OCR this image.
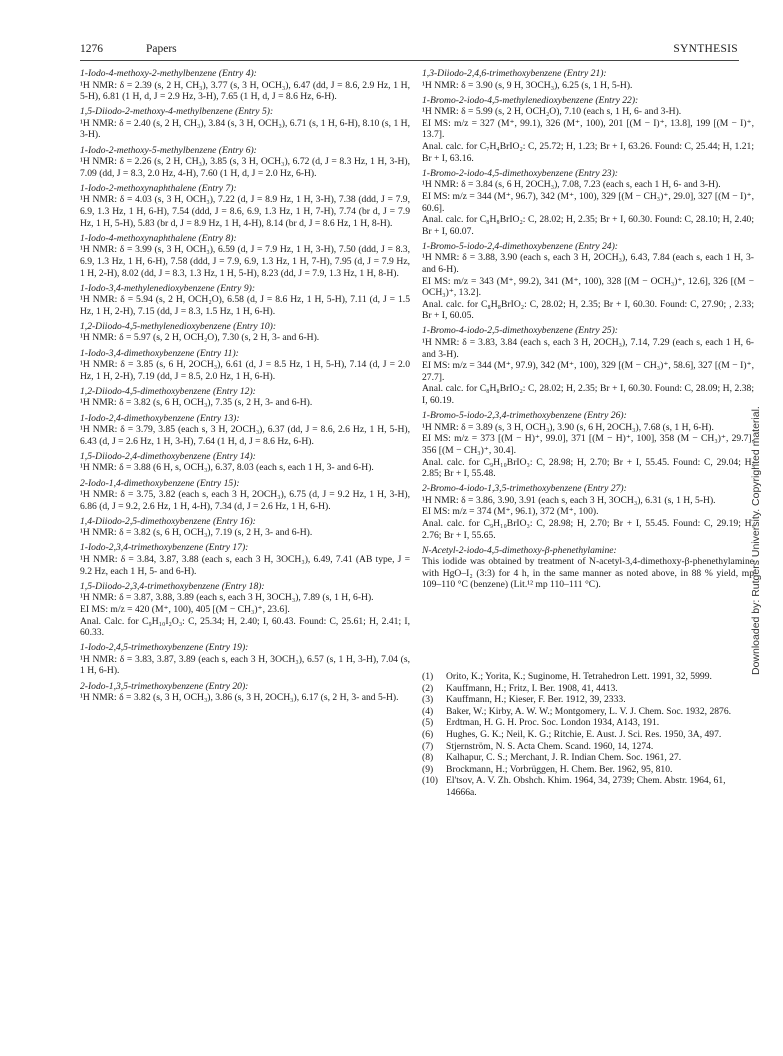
1276	Papers	SYNTHESIS
1-Iodo-4-methoxy-2-methylbenzene (Entry 4):
¹H NMR: δ = 2.39 (s, 2 H, CH₃), 3.77 (s, 3 H, OCH₃), 6.47 (dd, J = 8.6, 2.9 Hz, 1 H, 5-H), 6.81 (1 H, d, J = 2.9 Hz, 3-H), 7.65 (1 H, d, J = 8.6 Hz, 6-H).
1,5-Diiodo-2-methoxy-4-methylbenzene (Entry 5):
¹H NMR: δ = 2.40 (s, 2 H, CH₃), 3.84 (s, 3 H, OCH₃), 6.71 (s, 1 H, 6-H), 8.10 (s, 1 H, 3-H).
1-Iodo-2-methoxy-5-methylbenzene (Entry 6):
¹H NMR: δ = 2.26 (s, 2 H, CH₃), 3.85 (s, 3 H, OCH₃), 6.72 (d, J = 8.3 Hz, 1 H, 3-H), 7.09 (dd, J = 8.3, 2.0 Hz, 4-H), 7.60 (1 H, d, J = 2.0 Hz, 6-H).
1-Iodo-2-methoxynaphthalene (Entry 7):
¹H NMR: δ = 4.03 (s, 3 H, OCH₃), 7.22 (d, J = 8.9 Hz, 1 H, 3-H), 7.38 (ddd, J = 7.9, 6.9, 1.3 Hz, 1 H, 6-H), 7.54 (ddd, J = 8.6, 6.9, 1.3 Hz, 1 H, 7-H), 7.74 (br d, J = 7.9 Hz, 1 H, 5-H), 5.83 (br d, J = 8.9 Hz, 1 H, 4-H), 8.14 (br d, J = 8.6 Hz, 1 H, 8-H).
1-Iodo-4-methoxynaphthalene (Entry 8):
¹H NMR: δ = 3.99 (s, 3 H, OCH₃), 6.59 (d, J = 7.9 Hz, 1 H, 3-H), 7.50 (ddd, J = 8.3, 6.9, 1.3 Hz, 1 H, 6-H), 7.58 (ddd, J = 7.9, 6.9, 1.3 Hz, 1 H, 7-H), 7.95 (d, J = 7.9 Hz, 1 H, 2-H), 8.02 (dd, J = 8.3, 1.3 Hz, 1 H, 5-H), 8.23 (dd, J = 7.9, 1.3 Hz, 1 H, 8-H).
1-Iodo-3,4-methylenedioxybenzene (Entry 9):
¹H NMR: δ = 5.94 (s, 2 H, OCH₂O), 6.58 (d, J = 8.6 Hz, 1 H, 5-H), 7.11 (d, J = 1.5 Hz, 1 H, 2-H), 7.15 (dd, J = 8.3, 1.5 Hz, 1 H, 6-H).
1,2-Diiodo-4,5-methylenedioxybenzene (Entry 10):
¹H NMR: δ = 5.97 (s, 2 H, OCH₂O), 7.30 (s, 2 H, 3- and 6-H).
1-Iodo-3,4-dimethoxybenzene (Entry 11):
¹H NMR: δ = 3.85 (s, 6 H, 2OCH₃), 6.61 (d, J = 8.5 Hz, 1 H, 5-H), 7.14 (d, J = 2.0 Hz, 1 H, 2-H), 7.19 (dd, J = 8.5, 2.0 Hz, 1 H, 6-H).
1,2-Diiodo-4,5-dimethoxybenzene (Entry 12):
¹H NMR: δ = 3.82 (s, 6 H, OCH₃), 7.35 (s, 2 H, 3- and 6-H).
1-Iodo-2,4-dimethoxybenzene (Entry 13):
¹H NMR: δ = 3.79, 3.85 (each s, 3 H, 2OCH₃), 6.37 (dd, J = 8.6, 2.6 Hz, 1 H, 5-H), 6.43 (d, J = 2.6 Hz, 1 H, 3-H), 7.64 (1 H, d, J = 8.6 Hz, 6-H).
1,5-Diiodo-2,4-dimethoxybenzene (Entry 14):
¹H NMR: δ = 3.88 (6 H, s, OCH₃), 6.37, 8.03 (each s, each 1 H, 3- and 6-H).
2-Iodo-1,4-dimethoxybenzene (Entry 15):
¹H NMR: δ = 3.75, 3.82 (each s, each 3 H, 2OCH₃), 6.75 (d, J = 9.2 Hz, 1 H, 3-H), 6.86 (d, J = 9.2, 2.6 Hz, 1 H, 4-H), 7.34 (d, J = 2.6 Hz, 1 H, 6-H).
1,4-Diiodo-2,5-dimethoxybenzene (Entry 16):
¹H NMR: δ = 3.82 (s, 6 H, OCH₃), 7.19 (s, 2 H, 3- and 6-H).
1-Iodo-2,3,4-trimethoxybenzene (Entry 17):
¹H NMR: δ = 3.84, 3.87, 3.88 (each s, each 3 H, 3OCH₃), 6.49, 7.41 (AB type, J = 9.2 Hz, each 1 H, 5- and 6-H).
1,5-Diiodo-2,3,4-trimethoxybenzene (Entry 18):
¹H NMR: δ = 3.87, 3.88, 3.89 (each s, each 3 H, 3OCH₃), 7.89 (s, 1 H, 6-H).
EI MS: m/z = 420 (M⁺, 100), 405 [(M − CH₃)⁺, 23.6].
Anal. Calc. for C₉H₁₀I₂O₃: C, 25.34; H, 2.40; I, 60.43. Found: C, 25.61; H, 2.41; I, 60.33.
1-Iodo-2,4,5-trimethoxybenzene (Entry 19):
¹H NMR: δ = 3.83, 3.87, 3.89 (each s, each 3 H, 3OCH₃), 6.57 (s, 1 H, 3-H), 7.04 (s, 1 H, 6-H).
2-Iodo-1,3,5-trimethoxybenzene (Entry 20):
¹H NMR: δ = 3.82 (s, 3 H, OCH₃), 3.86 (s, 3 H, 2OCH₃), 6.17 (s, 2 H, 3- and 5-H).
1,3-Diiodo-2,4,6-trimethoxybenzene (Entry 21):
¹H NMR: δ = 3.90 (s, 9 H, 3OCH₃), 6.25 (s, 1 H, 5-H).
1-Bromo-2-iodo-4,5-methylenedioxybenzene (Entry 22):
¹H NMR: δ = 5.99 (s, 2 H, OCH₂O), 7.10 (each s, 1 H, 6- and 3-H).
EI MS: m/z = 327 (M⁺, 99.1), 326 (M⁺, 100), 201 [(M − I)⁺, 13.8], 199 [(M − I)⁺, 13.7].
Anal. calc. for C₇H₄BrIO₂: C, 25.72; H, 1.23; Br + I, 63.26. Found: C, 25.44; H, 1.21; Br + I, 63.16.
1-Bromo-2-iodo-4,5-dimethoxybenzene (Entry 23):
¹H NMR: δ = 3.84 (s, 6 H, 2OCH₃), 7.08, 7.23 (each s, each 1 H, 6- and 3-H).
EI MS: m/z = 344 (M⁺, 96.7), 342 (M⁺, 100), 329 [(M − CH₃)⁺, 29.0], 327 [(M − I)⁺, 60.6].
Anal. calc. for C₈H₈BrIO₂: C, 28.02; H, 2.35; Br + I, 60.30. Found: C, 28.10; H, 2.40; Br + I, 60.07.
1-Bromo-5-iodo-2,4-dimethoxybenzene (Entry 24):
¹H NMR: δ = 3.88, 3.90 (each s, each 3 H, 2OCH₃), 6.43, 7.84 (each s, each 1 H, 3- and 6-H).
EI MS: m/z = 343 (M⁺, 99.2), 341 (M⁺, 100), 328 [(M − OCH₃)⁺, 12.6], 326 [(M − OCH₃)⁺, 13.2].
Anal. calc. for C₈H₈BrIO₂: C, 28.02; H, 2.35; Br + I, 60.30. Found: C, 27.90; , 2.33; Br + I, 60.05.
1-Bromo-4-iodo-2,5-dimethoxybenzene (Entry 25):
¹H NMR: δ = 3.83, 3.84 (each s, each 3 H, 2OCH₃), 7.14, 7.29 (each s, each 1 H, 6- and 3-H).
EI MS: m/z = 344 (M⁺, 97.9), 342 (M⁺, 100), 329 [(M − CH₃)⁺, 58.6], 327 [(M − I)⁺, 27.7].
Anal. calc. for C₈H₈BrIO₂: C, 28.02; H, 2.35; Br + I, 60.30. Found: C, 28.09; H, 2.38; I, 60.19.
1-Bromo-5-iodo-2,3,4-trimethoxybenzene (Entry 26):
¹H NMR: δ = 3.89 (s, 3 H, OCH₃), 3.90 (s, 6 H, 2OCH₃), 7.68 (s, 1 H, 6-H).
EI MS: m/z = 373 [(M − H)⁺, 99.0], 371 [(M − H)⁺, 100], 358 (M − CH₃)⁺, 29.7], 356 [(M − CH₃)⁺, 30.4].
Anal. calc. for C₉H₁₀BrIO₃: C, 28.98; H, 2.70; Br + I, 55.45. Found: C, 29.04; H, 2.85; Br + I, 55.48.
2-Bromo-4-iodo-1,3,5-trimethoxybenzene (Entry 27):
¹H NMR: δ = 3.86, 3.90, 3.91 (each s, each 3 H, 3OCH₃), 6.31 (s, 1 H, 5-H).
EI MS: m/z = 374 (M⁺, 96.1), 372 (M⁺, 100).
Anal. calc. for C₉H₁₀BrIO₃: C, 28.98; H, 2.70; Br + I, 55.45. Found: C, 29.19; H, 2.76; Br + I, 55.65.
N-Acetyl-2-iodo-4,5-dimethoxy-β-phenethylamine:
This iodide was obtained by treatment of N-acetyl-3,4-dimethoxy-β-phenethylamine with HgO–I₂ (3:3) for 4 h, in the same manner as noted above, in 88 % yield, mp 109–110 °C (benzene) (Lit.¹² mp 110–111 °C).
(1)	Orito, K.; Yorita, K.; Suginome, H. Tetrahedron Lett. 1991, 32, 5999.
(2)	Kauffmann, H.; Fritz, I. Ber. 1908, 41, 4413.
(3)	Kauffmann, H.; Kieser, F. Ber. 1912, 39, 2333.
(4)	Baker, W.; Kirby, A. W. W.; Montgomery, L. V. J. Chem. Soc. 1932, 2876.
(5)	Erdtman, H. G. H. Proc. Soc. London 1934, A143, 191.
(6)	Hughes, G. K.; Neil, K. G.; Ritchie, E. Aust. J. Sci. Res. 1950, 3A, 497.
(7)	Stjernström, N. S. Acta Chem. Scand. 1960, 14, 1274.
(8)	Kalhapur, C. S.; Merchant, J. R. Indian Chem. Soc. 1961, 27.
(9)	Brockmann, H.; Vorbrüggen, H. Chem. Ber. 1962, 95, 810.
(10) El'tsov, A. V. Zh. Obshch. Khim. 1964, 34, 2739; Chem. Abstr. 1964, 61, 14666a.
Downloaded by: Rutgers University. Copyrighted material.
